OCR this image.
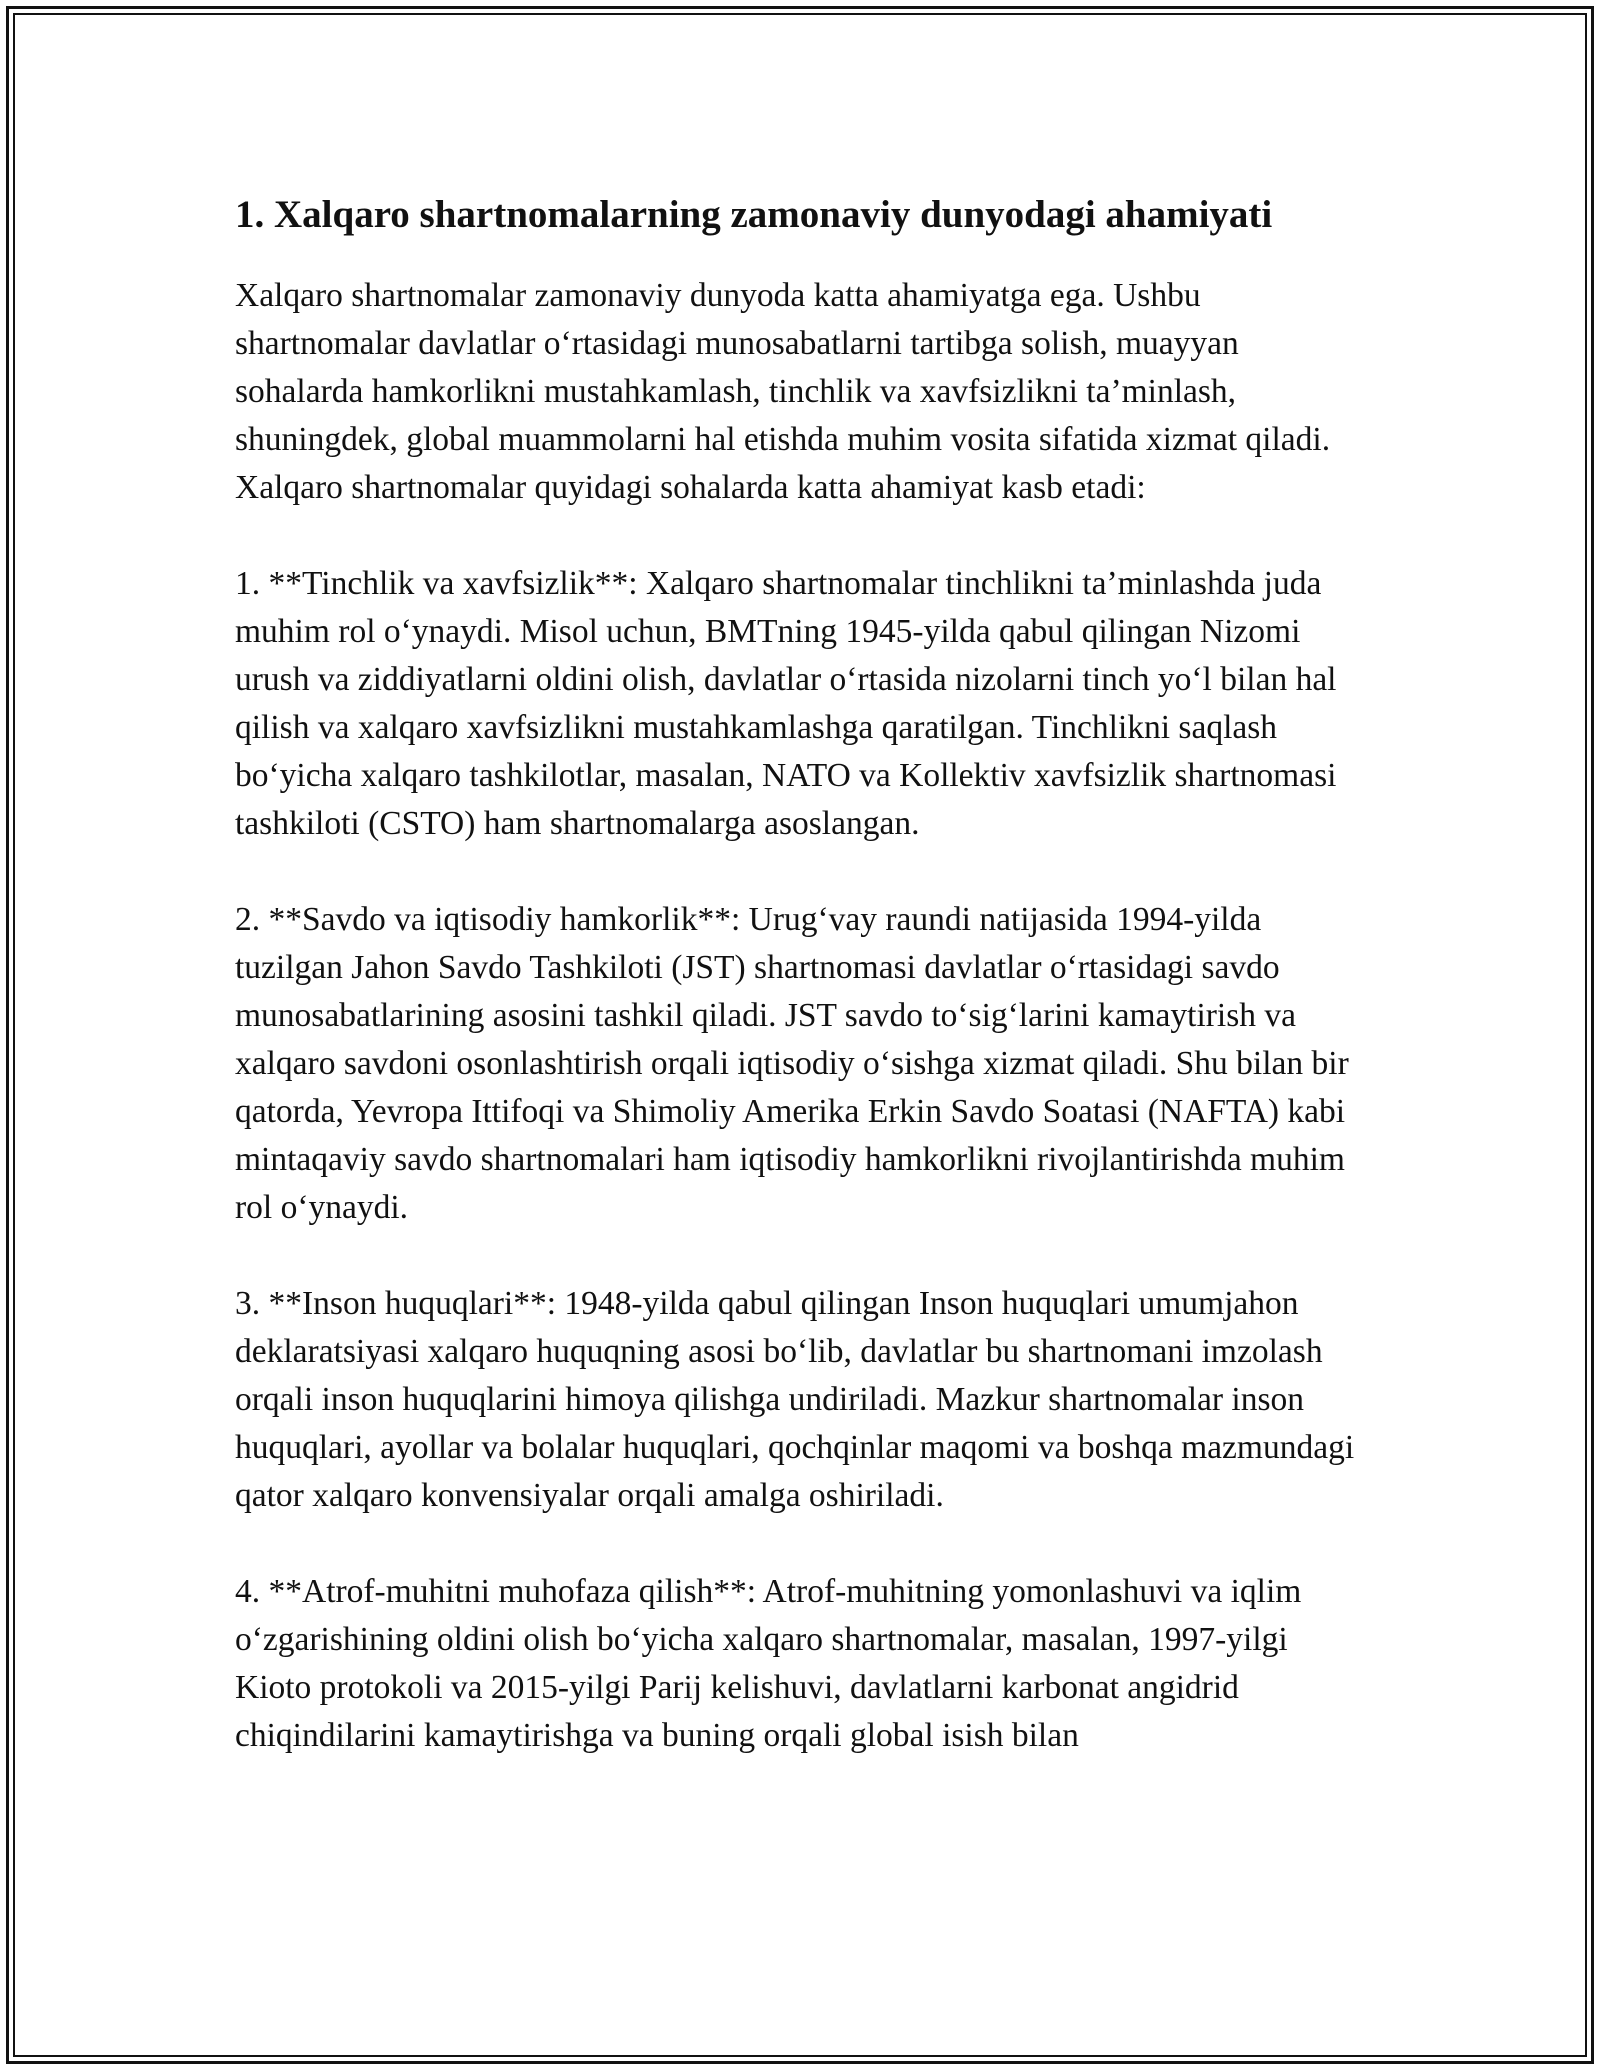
1. Xalqaro shartnomalarning zamonaviy dunyodagi ahamiyati

Xalqaro shartnomalar zamonaviy dunyoda katta ahamiyatga ega. Ushbu shartnomalar davlatlar o‘rtasidagi munosabatlarni tartibga solish, muayyan sohalarda hamkorlikni mustahkamlash, tinchlik va xavfsizlikni ta’minlash, shuningdek, global muammolarni hal etishda muhim vosita sifatida xizmat qiladi. Xalqaro shartnomalar quyidagi sohalarda katta ahamiyat kasb etadi:

1. **Tinchlik va xavfsizlik**: Xalqaro shartnomalar tinchlikni ta’minlashda juda muhim rol o‘ynaydi. Misol uchun, BMTning 1945-yilda qabul qilingan Nizomi urush va ziddiyatlarni oldini olish, davlatlar o‘rtasida nizolarni tinch yo‘l bilan hal qilish va xalqaro xavfsizlikni mustahkamlashga qaratilgan. Tinchlikni saqlash bo‘yicha xalqaro tashkilotlar, masalan, NATO va Kollektiv xavfsizlik shartnomasi tashkiloti (CSTO) ham shartnomalarga asoslangan.

2. **Savdo va iqtisodiy hamkorlik**: Urug‘vay raundi natijasida 1994-yilda tuzilgan Jahon Savdo Tashkiloti (JST) shartnomasi davlatlar o‘rtasidagi savdo munosabatlarining asosini tashkil qiladi. JST savdo to‘sig‘larini kamaytirish va xalqaro savdoni osonlashtirish orqali iqtisodiy o‘sishga xizmat qiladi. Shu bilan bir qatorda, Yevropa Ittifoqi va Shimoliy Amerika Erkin Savdo Soatasi (NAFTA) kabi mintaqaviy savdo shartnomalari ham iqtisodiy hamkorlikni rivojlantirishda muhim rol o‘ynaydi.

3. **Inson huquqlari**: 1948-yilda qabul qilingan Inson huquqlari umumjahon deklaratsiyasi xalqaro huquqning asosi bo‘lib, davlatlar bu shartnomani imzolash orqali inson huquqlarini himoya qilishga undiriladi. Mazkur shartnomalar inson huquqlari, ayollar va bolalar huquqlari, qochqinlar maqomi va boshqa mazmundagi qator xalqaro konvensiyalar orqali amalga oshiriladi.

4. **Atrof-muhitni muhofaza qilish**: Atrof-muhitning yomonlashuvi va iqlim o‘zgarishining oldini olish bo‘yicha xalqaro shartnomalar, masalan, 1997-yilgi Kioto protokoli va 2015-yilgi Parij kelishuvi, davlatlarni karbonat angidrid chiqindilarini kamaytirishga va buning orqali global isish bilan
